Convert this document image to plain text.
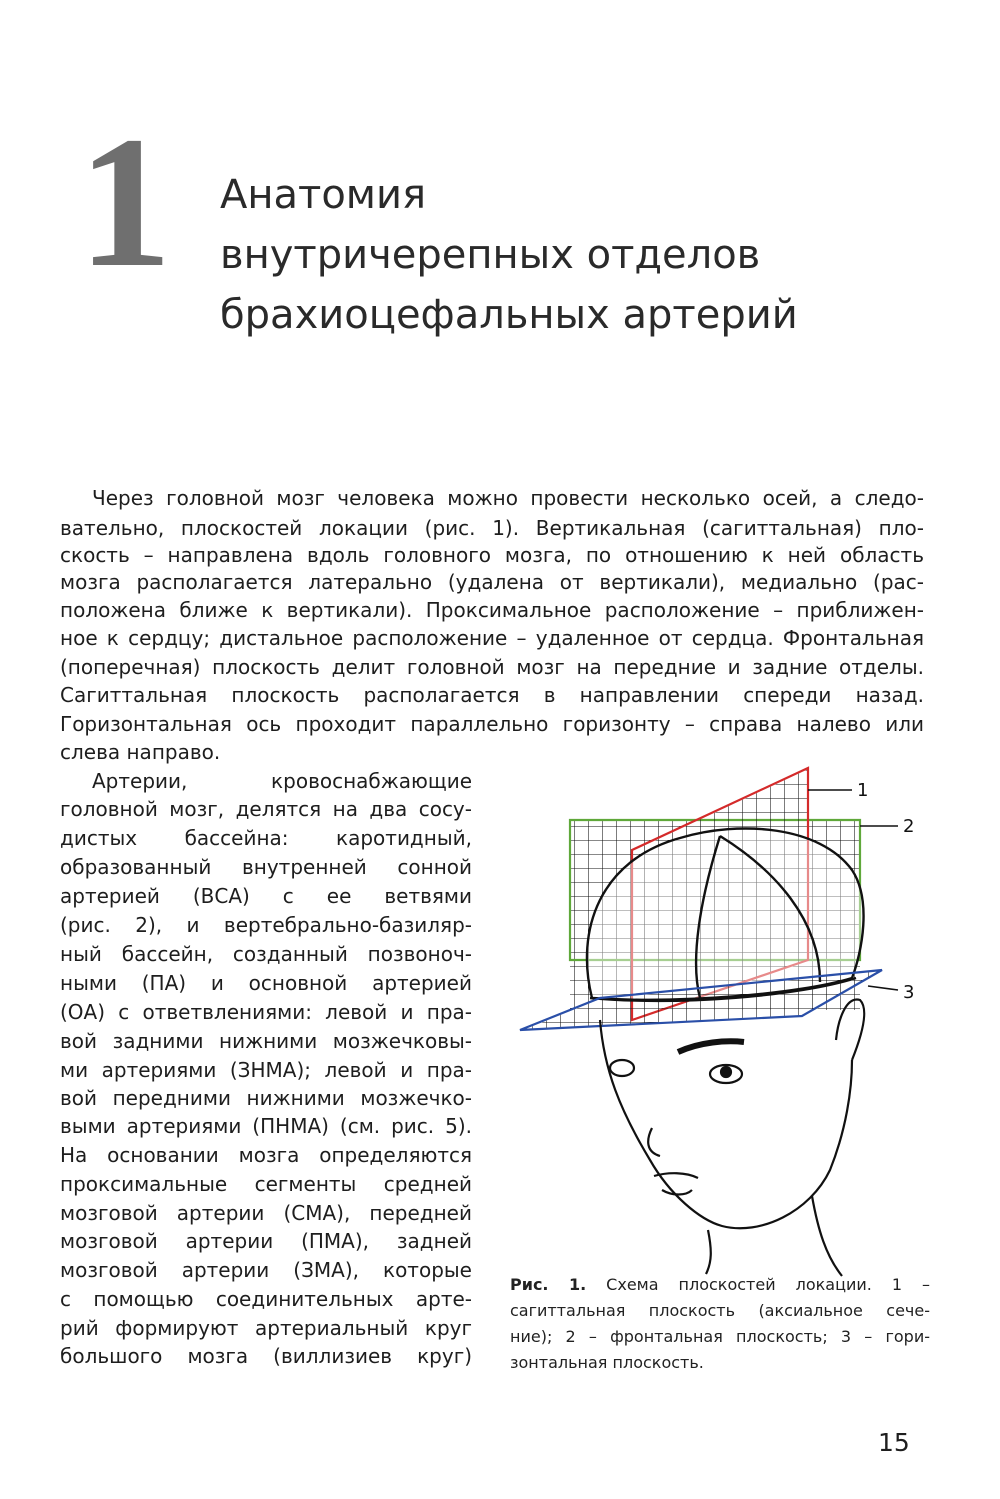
1 Анатомия
внутричерепных отделов
брахиоцефальных артерий
Через головной мозг человека можно провести несколько осей, а следо-
вательно, плоскостей локации (рис. 1). Вертикальная (сагиттальная) пло-
скость – направлена вдоль головного мозга, по отношению к ней область
мозга располагается латерально (удалена от вертикали), медиально (рас-
положена ближе к вертикали). Проксимальное расположение – приближен-
ное к сердцу; дистальное расположение – удаленное от сердца. Фронтальная
(поперечная) плоскость делит головной мозг на передние и задние отделы.
Сагиттальная плоскость располагается в направлении спереди назад.
Горизонтальная ось проходит параллельно горизонту – справа налево или
слева направо.
Артерии, кровоснабжающие
головной мозг, делятся на два сосу-
дистых бассейна: каротидный,
образованный внутренней сонной
артерией (ВСА) с ее ветвями
(рис. 2), и вертебрально-базиляр-
ный бассейн, созданный позвоноч-
ными (ПА) и основной артерией
(ОА) с ответвлениями: левой и пра-
вой задними нижними мозжечковы-
ми артериями (ЗНМА); левой и пра-
вой передними нижними мозжечко-
выми артериями (ПНМА) (см. рис. 5).
На основании мозга определяются
проксимальные сегменты средней
мозговой артерии (СМА), передней
мозговой артерии (ПМА), задней
мозговой артерии (ЗМА), которые
с помощью соединительных арте-
рий формируют артериальный круг
большого мозга (виллизиев круг)
1
2
3
Рис. 1. Схема плоскостей локации. 1 –
сагиттальная плоскость (аксиальное сече-
ние); 2 – фронтальная плоскость; 3 – гори-
зонтальная плоскость.
15
